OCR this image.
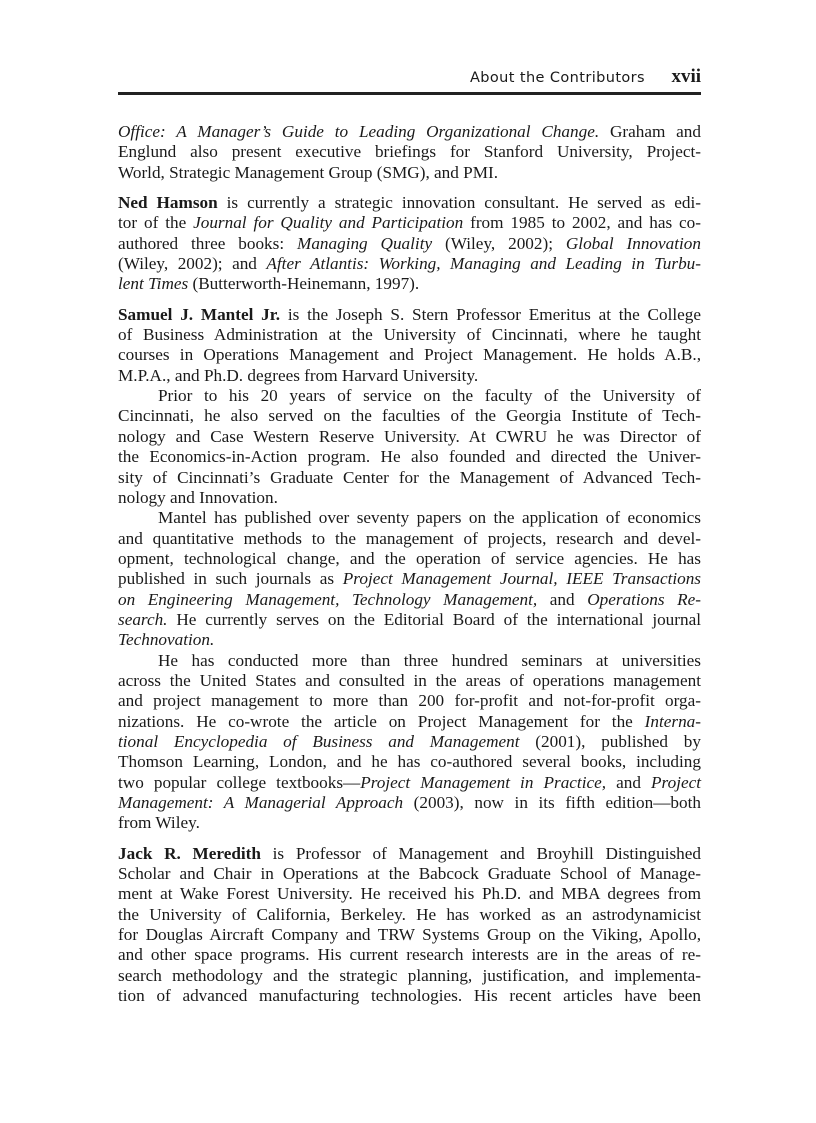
About the Contributors xvii
Office: A Manager’s Guide to Leading Organizational Change. Graham and
Englund also present executive briefings for Stanford University, Project-
World, Strategic Management Group (SMG), and PMI.
Ned Hamson is currently a strategic innovation consultant. He served as edi-
tor of the Journal for Quality and Participation from 1985 to 2002, and has co-
authored three books: Managing Quality (Wiley, 2002); Global Innovation
(Wiley, 2002); and After Atlantis: Working, Managing and Leading in Turbu-
lent Times (Butterworth-Heinemann, 1997).
Samuel J. Mantel Jr. is the Joseph S. Stern Professor Emeritus at the College
of Business Administration at the University of Cincinnati, where he taught
courses in Operations Management and Project Management. He holds A.B.,
M.P.A., and Ph.D. degrees from Harvard University.
Prior to his 20 years of service on the faculty of the University of
Cincinnati, he also served on the faculties of the Georgia Institute of Tech-
nology and Case Western Reserve University. At CWRU he was Director of
the Economics-in-Action program. He also founded and directed the Univer-
sity of Cincinnati’s Graduate Center for the Management of Advanced Tech-
nology and Innovation.
Mantel has published over seventy papers on the application of economics
and quantitative methods to the management of projects, research and devel-
opment, technological change, and the operation of service agencies. He has
published in such journals as Project Management Journal, IEEE Transactions
on Engineering Management, Technology Management, and Operations Re-
search. He currently serves on the Editorial Board of the international journal
Technovation.
He has conducted more than three hundred seminars at universities
across the United States and consulted in the areas of operations management
and project management to more than 200 for-profit and not-for-profit orga-
nizations. He co-wrote the article on Project Management for the Interna-
tional Encyclopedia of Business and Management (2001), published by
Thomson Learning, London, and he has co-authored several books, including
two popular college textbooks—Project Management in Practice, and Project
Management: A Managerial Approach (2003), now in its fifth edition—both
from Wiley.
Jack R. Meredith is Professor of Management and Broyhill Distinguished
Scholar and Chair in Operations at the Babcock Graduate School of Manage-
ment at Wake Forest University. He received his Ph.D. and MBA degrees from
the University of California, Berkeley. He has worked as an astrodynamicist
for Douglas Aircraft Company and TRW Systems Group on the Viking, Apollo,
and other space programs. His current research interests are in the areas of re-
search methodology and the strategic planning, justification, and implementa-
tion of advanced manufacturing technologies. His recent articles have been
